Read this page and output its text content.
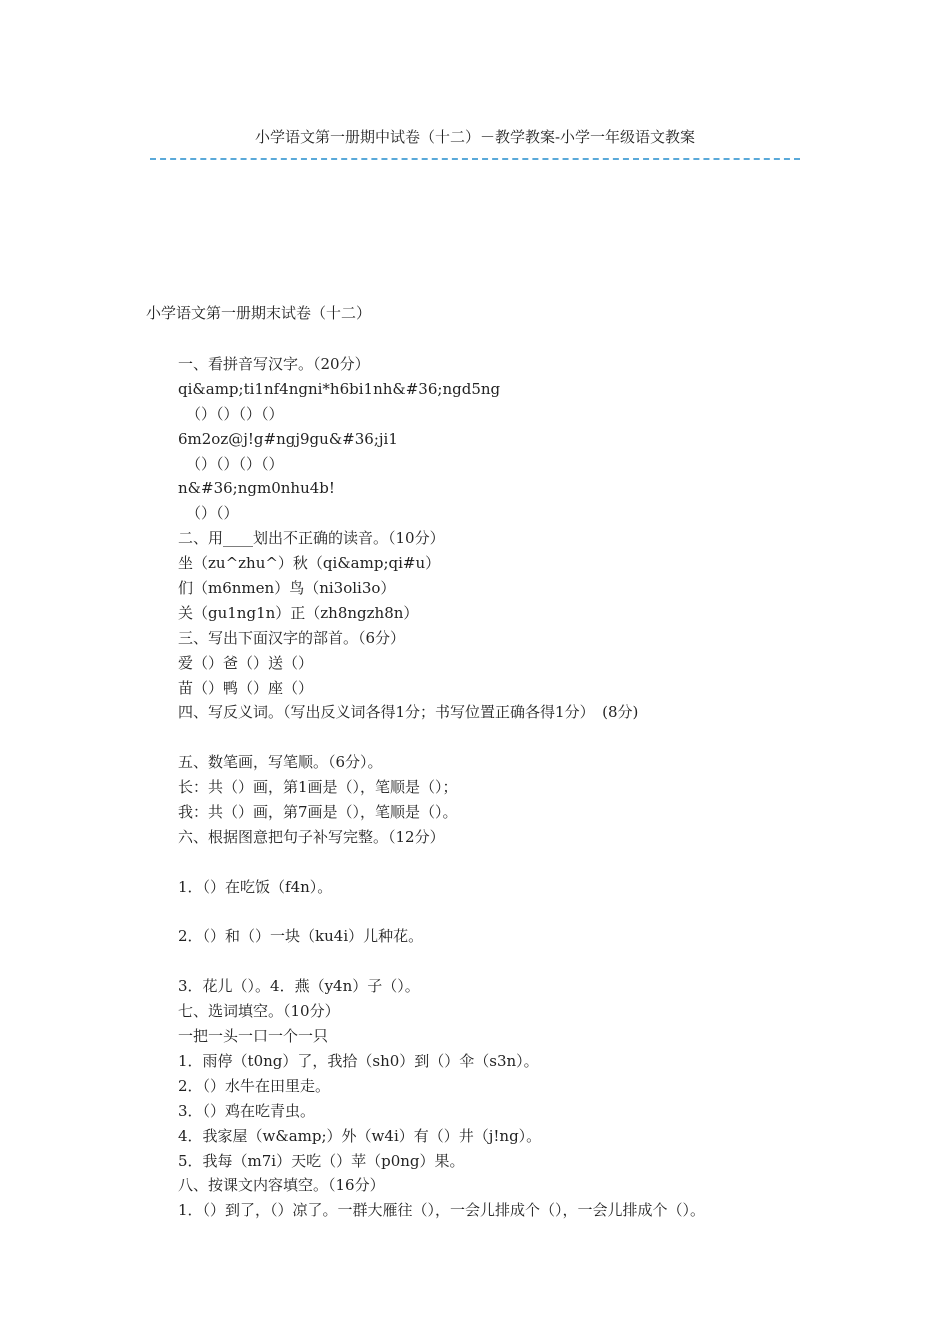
小学语文第一册期中试卷（十二）－教学教案-小学一年级语文教案
小学语文第一册期末试卷（十二）
一、看拼音写汉字。（20分）
qi&amp;ti1nf4ngni*h6bi1nh&#36;ngd5ng
（）（）（）（）
6m2oz@j!g#ngj9gu&#36;ji1
（）（）（）（）
n&#36;ngm0nhu4b!
（）（）
二、用____划出不正确的读音。（10分）
坐（zu^zhu^）秋（qi&amp;qi#u）
们（m6nmen）鸟（ni3oli3o）
关（gu1ng1n）正（zh8ngzh8n）
三、写出下面汉字的部首。（6分）
爱（）爸（）送（）
苗（）鸭（）座（）
四、写反义词。（写出反义词各得1分；书写位置正确各得1分）　(8分)
五、数笔画，写笔顺。（6分）。
长：共（）画，第1画是（），笔顺是（）；
我：共（）画，第7画是（），笔顺是（）。
六、根据图意把句子补写完整。（12分）
1．（）在吃饭（f4n）。
2．（）和（）一块（ku4i）儿种花。
3．花儿（）。4．燕（y4n）子（）。
七、选词填空。（10分）
一把一头一口一个一只
1．雨停（t0ng）了，我拾（sh0）到（）伞（s3n）。
2．（）水牛在田里走。
3．（）鸡在吃青虫。
4．我家屋（w&amp;）外（w4i）有（）井（j!ng）。
5．我每（m7i）天吃（）苹（p0ng）果。
八、按课文内容填空。（16分）
1．（）到了，（）凉了。一群大雁往（），一会儿排成个（），一会儿排成个（）。
